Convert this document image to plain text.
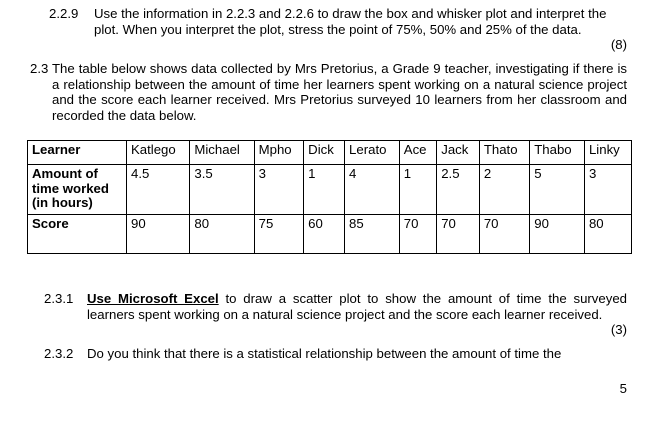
2.2.9 Use the information in 2.2.3 and 2.2.6 to draw the box and whisker plot and interpret the plot. When you interpret the plot, stress the point of 75%, 50% and 25% of the data.
(8)
2.3 The table below shows data collected by Mrs Pretorius, a Grade 9 teacher, investigating if there is a relationship between the amount of time her learners spent working on a natural science project and the score each learner received. Mrs Pretorius surveyed 10 learners from her classroom and recorded the data below.
Learner	Katlego	Michael	Mpho	Dick	Lerato	Ace	Jack	Thato	Thabo	Linky
Amount of time worked (in hours)	4.5	3.5	3	1	4	1	2.5	2	5	3
Score	90	80	75	60	85	70	70	70	90	80
2.3.1 Use Microsoft Excel to draw a scatter plot to show the amount of time the surveyed learners spent working on a natural science project and the score each learner received.
(3)
2.3.2 Do you think that there is a statistical relationship between the amount of time the
5
